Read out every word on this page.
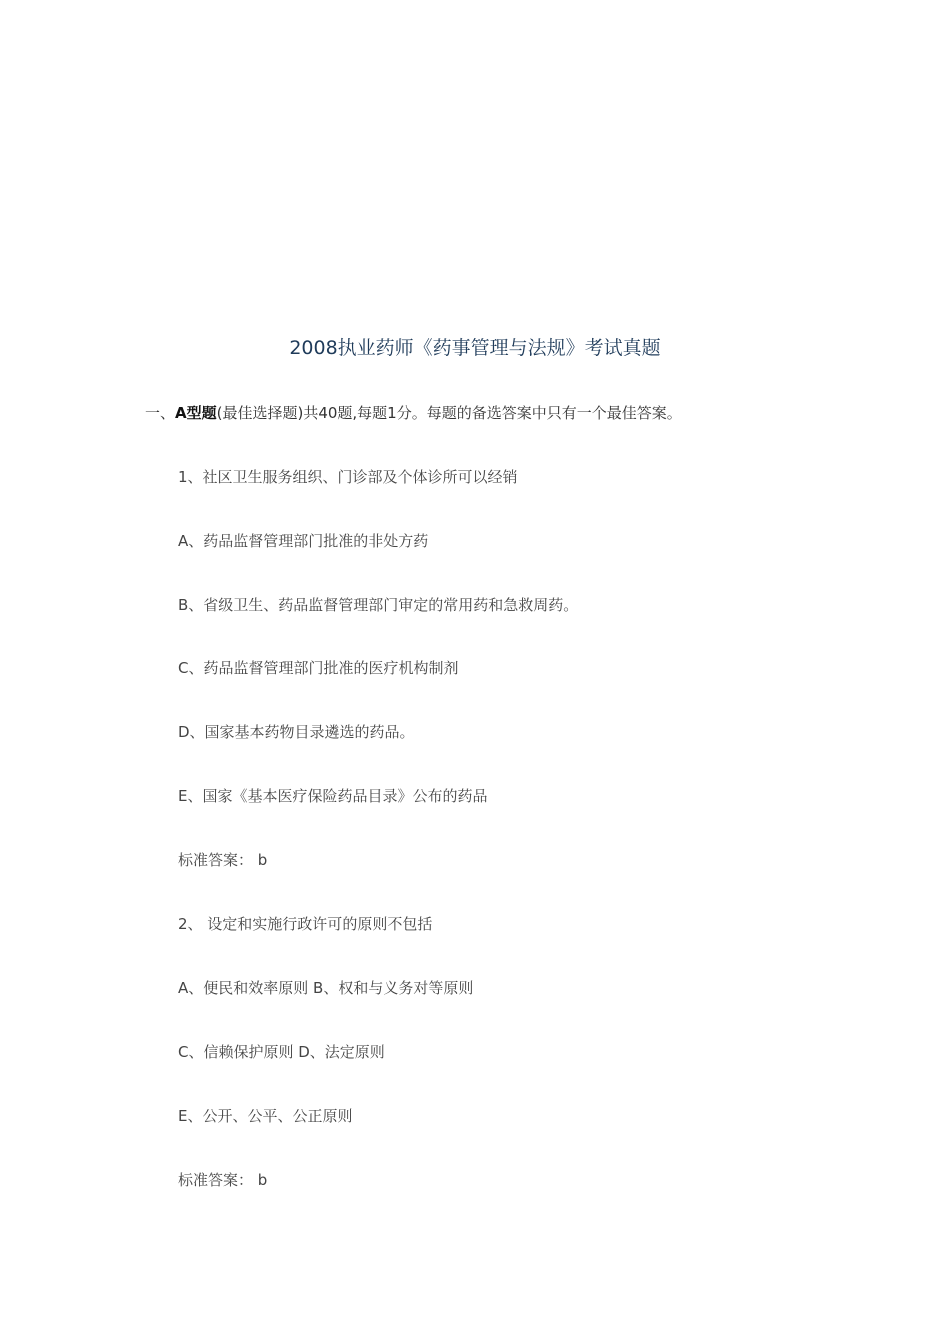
2008执业药师《药事管理与法规》考试真题
一、A型题(最佳选择题)共40题,每题1分。每题的备选答案中只有一个最佳答案。
1、社区卫生服务组织、门诊部及个体诊所可以经销
A、药品监督管理部门批准的非处方药
B、省级卫生、药品监督管理部门审定的常用药和急救周药。
C、药品监督管理部门批准的医疗机构制剂
D、国家基本药物目录遴选的药品。
E、国家《基本医疗保险药品目录》公布的药品
标准答案： b
2、 设定和实施行政许可的原则不包括
A、便民和效率原则 B、权和与义务对等原则
C、信赖保护原则 D、法定原则
E、公开、公平、公正原则
标准答案： b
